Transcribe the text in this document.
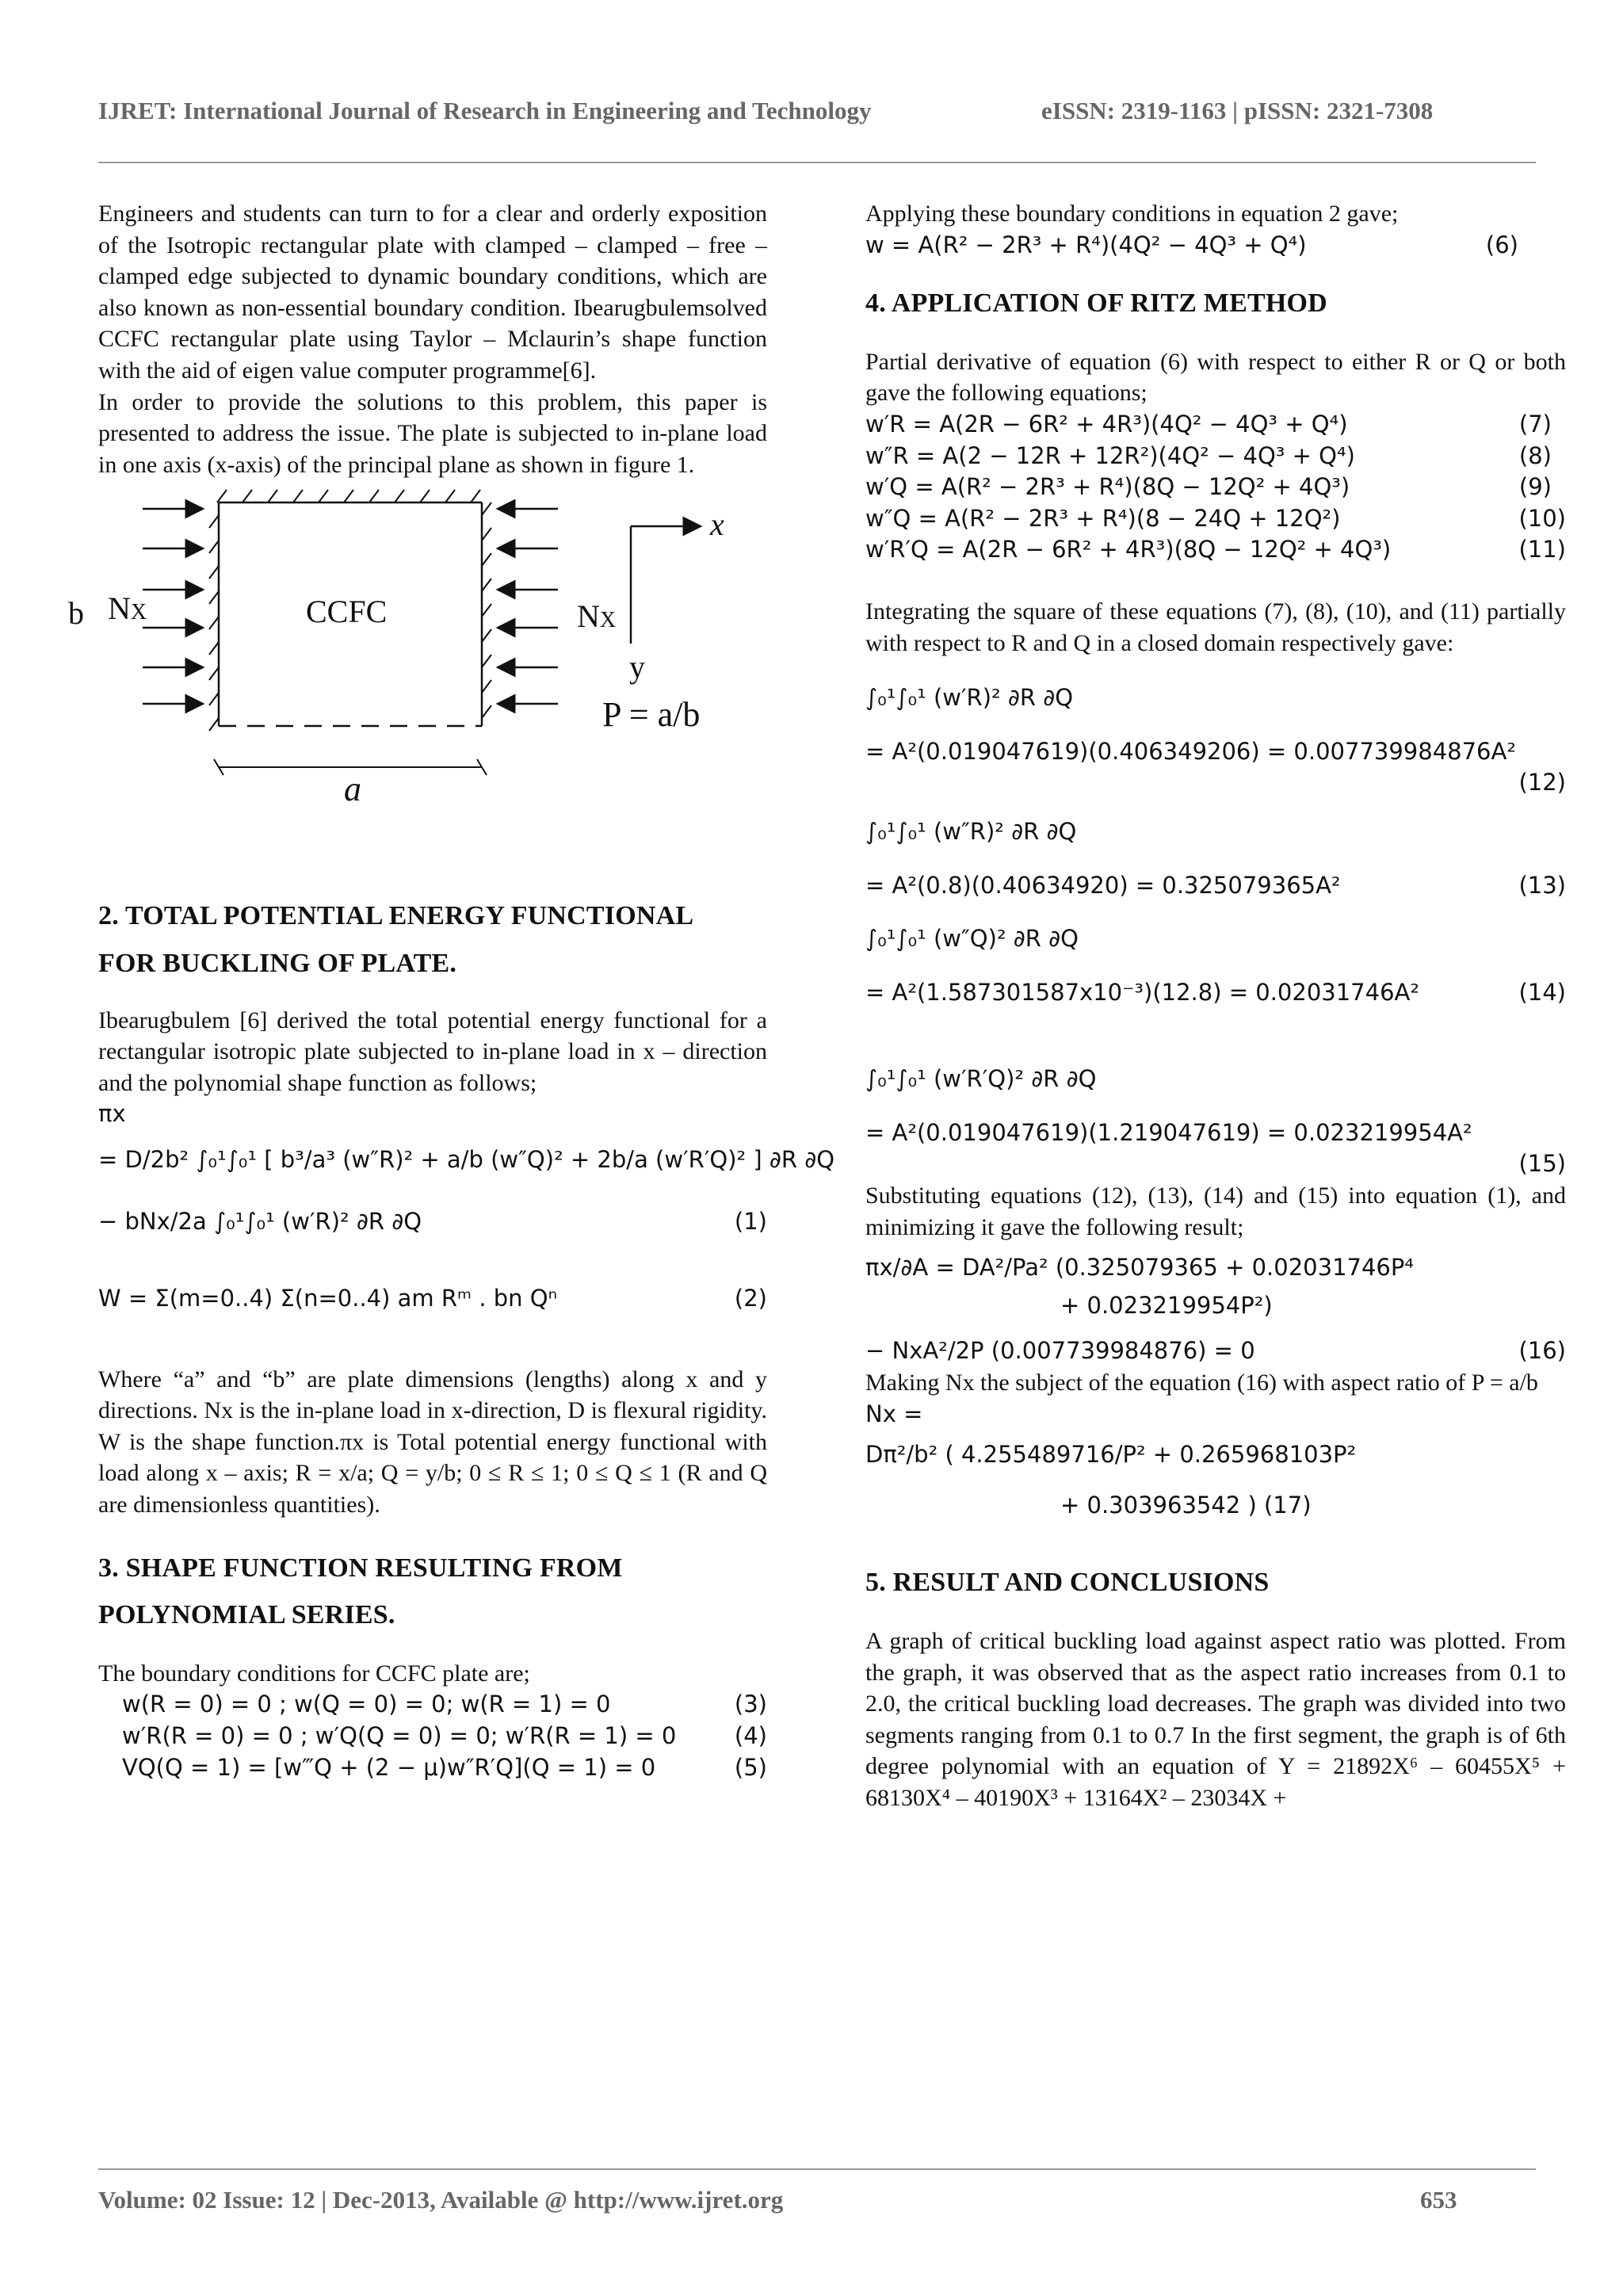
IJRET: International Journal of Research in Engineering and Technology	eISSN: 2319-1163 | pISSN: 2321-7308

Engineers and students can turn to for a clear and orderly exposition of the Isotropic rectangular plate with clamped – clamped – free – clamped edge subjected to dynamic boundary conditions, which are also known as non-essential boundary condition. Ibearugbulemsolved CCFC rectangular plate using Taylor – Mclaurin’s shape function with the aid of eigen value computer programme[6].

In order to provide the solutions to this problem, this paper is presented to address the issue. The plate is subjected to in-plane load in one axis (x-axis) of the principal plane as shown in figure 1.

b NX	CCFC	NX
x
y
P = a/b
a

2. TOTAL POTENTIAL ENERGY FUNCTIONAL

FOR BUCKLING OF PLATE.

Ibearugbulem [6] derived the total potential energy functional for a rectangular isotropic plate subjected to in-plane load in x – direction and the polynomial shape function as follows;

πx
= D/2b² ∫₀¹∫₀¹ [ b³/a³ (w″R)² + a/b (w″Q)² + 2b/a (w′R′Q)² ] ∂R ∂Q
− bNx/2a ∫₀¹∫₀¹ (w′R)² ∂R ∂Q	(1)
W = Σ(m=0..4) Σ(n=0..4) am Rᵐ . bn Qⁿ	(2)

Where “a” and “b” are plate dimensions (lengths) along x and y directions. Nx is the in-plane load in x-direction, D is flexural rigidity. W is the shape function.πx is Total potential energy functional with load along x – axis; R = x/a; Q = y/b; 0 ≤ R ≤ 1; 0 ≤ Q ≤ 1 (R and Q are dimensionless quantities).

3. SHAPE FUNCTION RESULTING FROM

POLYNOMIAL SERIES.

The boundary conditions for CCFC plate are;

w(R = 0) = 0 ; w(Q = 0) = 0; w(R = 1) = 0	(3)
w′R(R = 0) = 0 ; w′Q(Q = 0) = 0; w′R(R = 1) = 0	(4)
VQ(Q = 1) = [w‴Q + (2 − μ)w″R′Q](Q = 1) = 0	(5)

Applying these boundary conditions in equation 2 gave;

w = A(R² − 2R³ + R⁴)(4Q² − 4Q³ + Q⁴)	(6)

4. APPLICATION OF RITZ METHOD

Partial derivative of equation (6) with respect to either R or Q or both gave the following equations;

w′R = A(2R − 6R² + 4R³)(4Q² − 4Q³ + Q⁴)	(7)
w″R = A(2 − 12R + 12R²)(4Q² − 4Q³ + Q⁴)	(8)
w′Q = A(R² − 2R³ + R⁴)(8Q − 12Q² + 4Q³)	(9)
w″Q = A(R² − 2R³ + R⁴)(8 − 24Q + 12Q²)	(10)
w′R′Q = A(2R − 6R² + 4R³)(8Q − 12Q² + 4Q³)	(11)

Integrating the square of these equations (7), (8), (10), and (11) partially with respect to R and Q in a closed domain respectively gave:

∫₀¹∫₀¹ (w′R)² ∂R ∂Q
= A²(0.019047619)(0.406349206) = 0.007739984876A²
(12)
∫₀¹∫₀¹ (w″R)² ∂R ∂Q
= A²(0.8)(0.40634920) = 0.325079365A²	(13)
∫₀¹∫₀¹ (w″Q)² ∂R ∂Q
= A²(1.587301587x10⁻³)(12.8) = 0.02031746A²	(14)
∫₀¹∫₀¹ (w′R′Q)² ∂R ∂Q
= A²(0.019047619)(1.219047619) = 0.023219954A²
(15)

Substituting equations (12), (13), (14) and (15) into equation (1), and minimizing it gave the following result;

πx/∂A = DA²/Pa² (0.325079365 + 0.02031746P⁴
+ 0.023219954P²)
− NxA²/2P (0.007739984876) = 0	(16)

Making Nx the subject of the equation (16) with aspect ratio of P = a/b

Nx =
Dπ²/b² ( 4.255489716/P² + 0.265968103P²
+ 0.303963542 ) (17)

5. RESULT AND CONCLUSIONS

A graph of critical buckling load against aspect ratio was plotted. From the graph, it was observed that as the aspect ratio increases from 0.1 to 2.0, the critical buckling load decreases. The graph was divided into two segments ranging from 0.1 to 0.7 In the first segment, the graph is of 6th degree polynomial with an equation of Y = 21892X⁶ – 60455X⁵ + 68130X⁴ – 40190X³ + 13164X² – 23034X +

Volume: 02 Issue: 12 | Dec-2013, Available @ http://www.ijret.org	653
